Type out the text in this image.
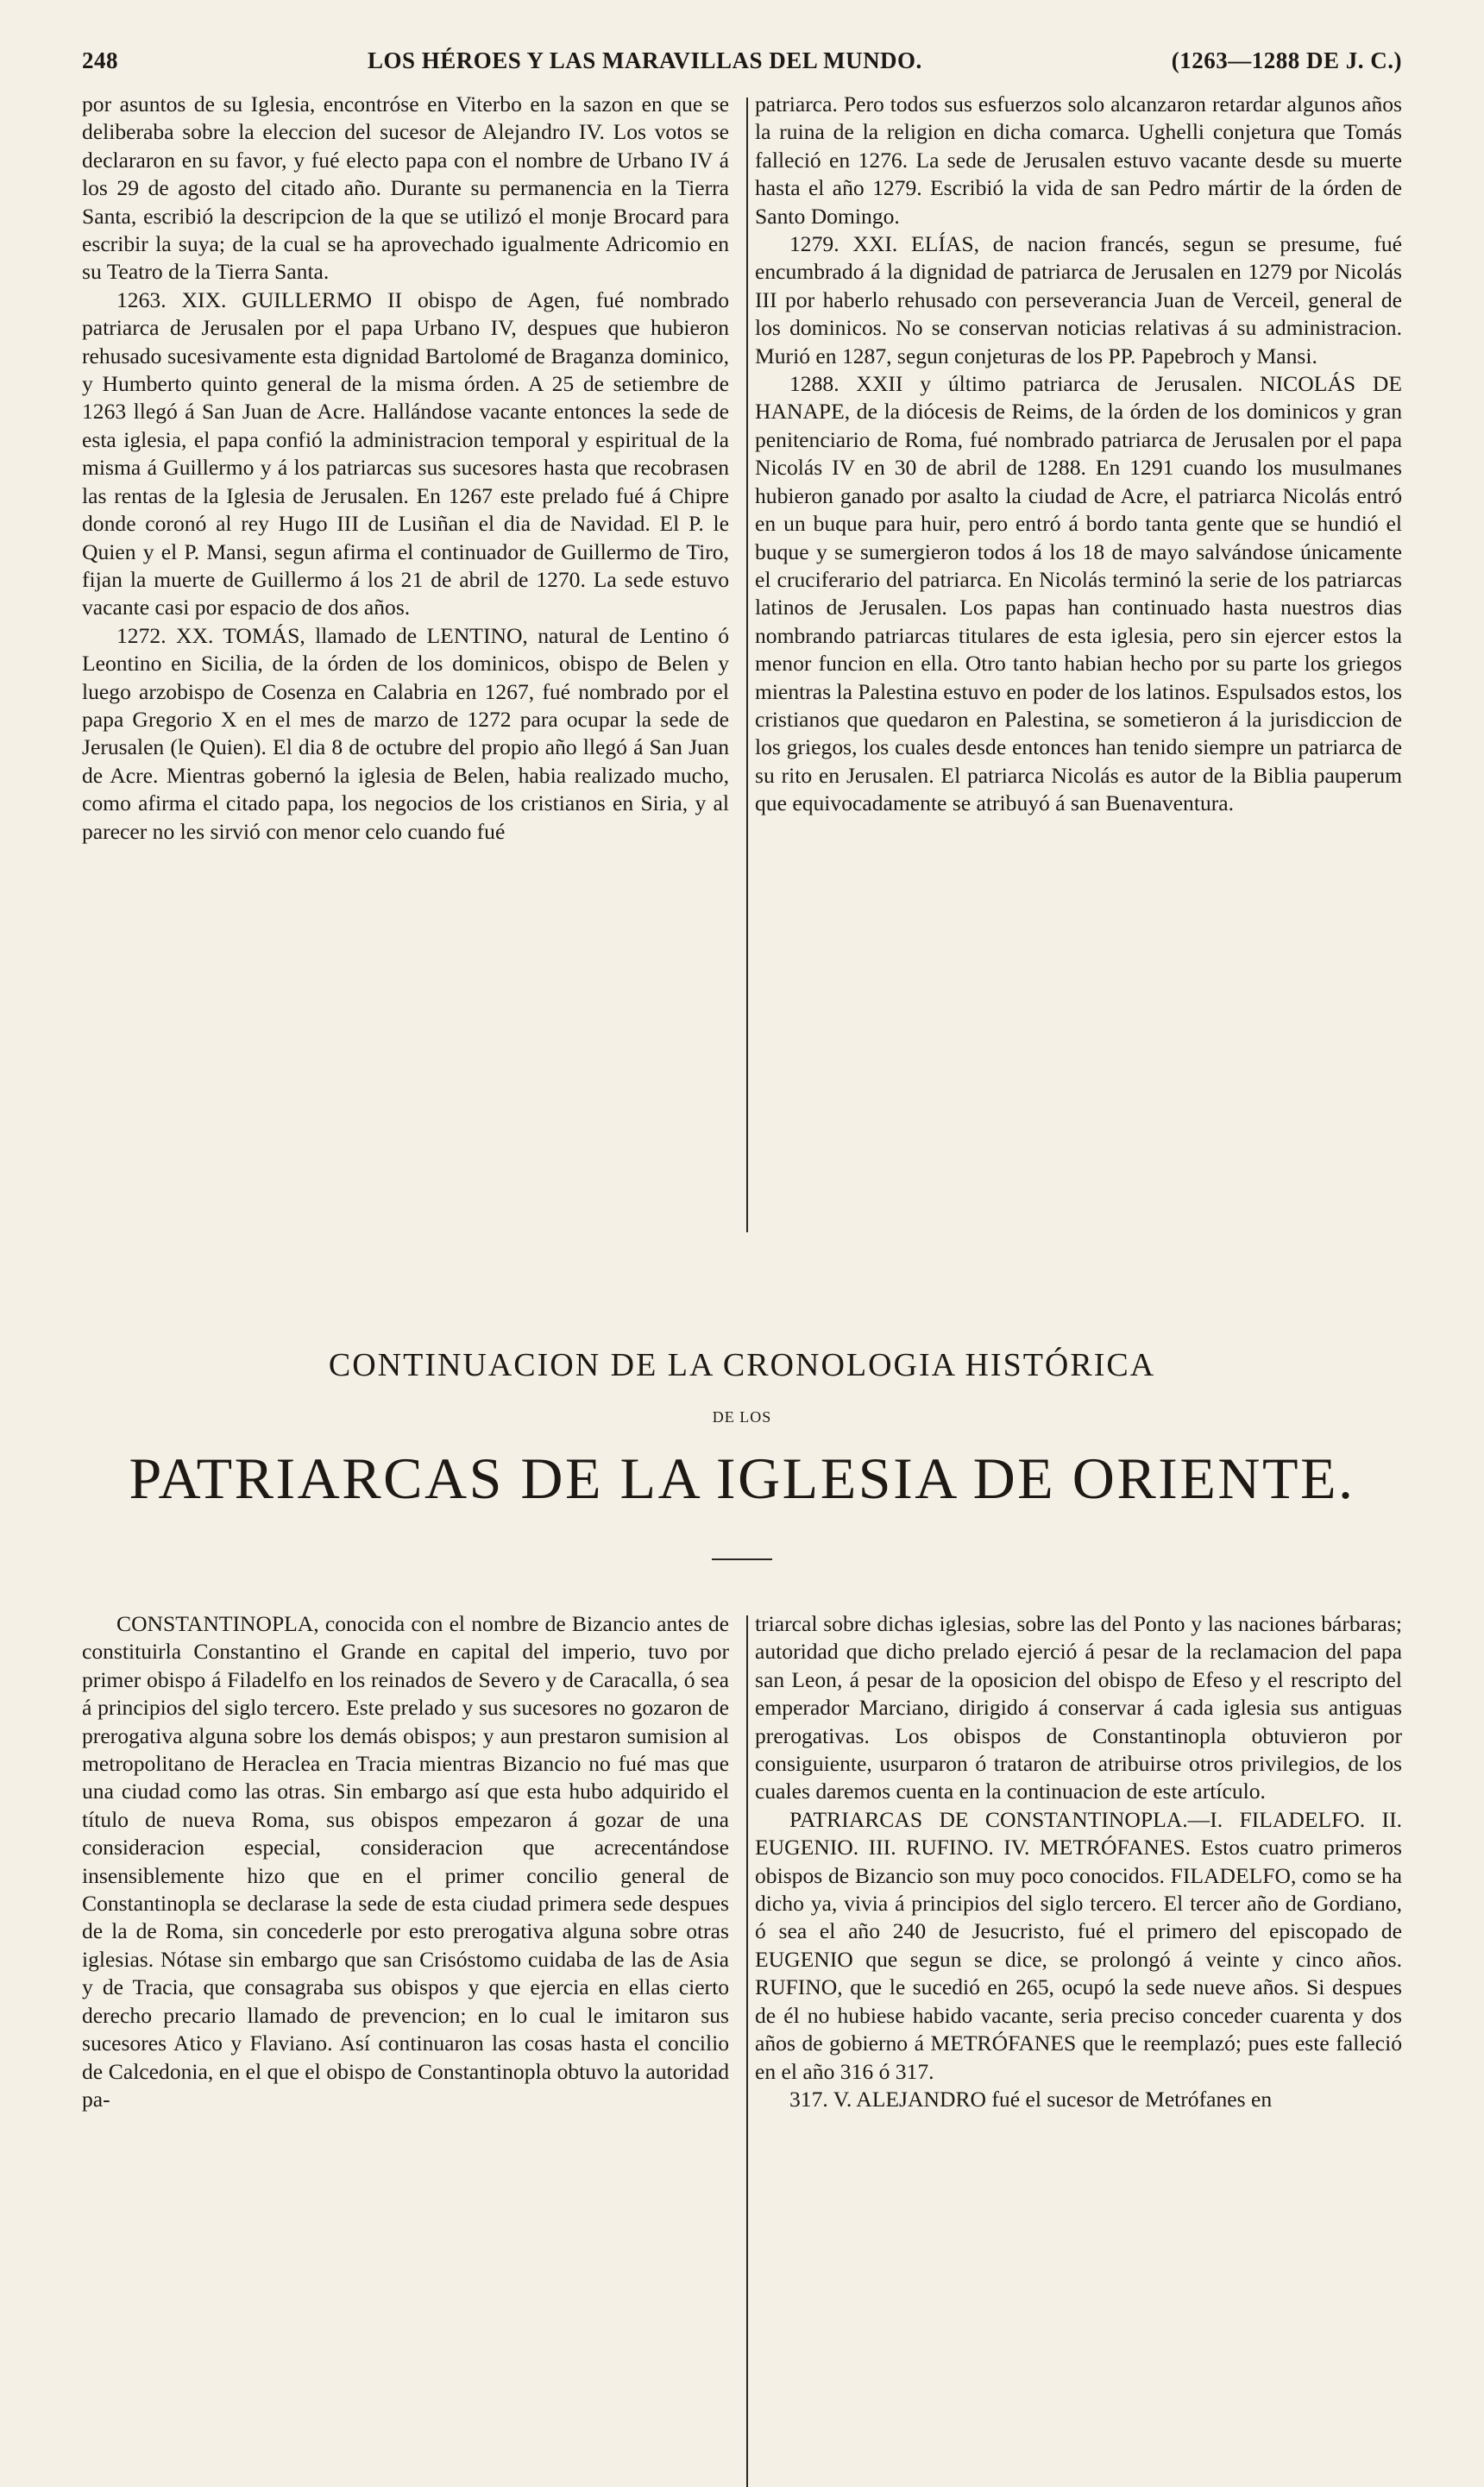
248	LOS HÉROES Y LAS MARAVILLAS DEL MUNDO.	(1263—1288 DE J. C.)

por asuntos de su Iglesia, encontróse en Viterbo en la sazon en que se deliberaba sobre la eleccion del sucesor de Alejandro IV. Los votos se declararon en su favor, y fué electo papa con el nombre de Urbano IV á los 29 de agosto del citado año. Durante su permanencia en la Tierra Santa, escribió la descripcion de la que se utilizó el monje Brocard para escribir la suya; de la cual se ha aprovechado igualmente Adricomio en su Teatro de la Tierra Santa.

1263. XIX. GUILLERMO II obispo de Agen, fué nombrado patriarca de Jerusalen por el papa Urbano IV, despues que hubieron rehusado sucesivamente esta dignidad Bartolomé de Braganza dominico, y Humberto quinto general de la misma órden. A 25 de setiembre de 1263 llegó á San Juan de Acre. Hallándose vacante entonces la sede de esta iglesia, el papa confió la administracion temporal y espiritual de la misma á Guillermo y á los patriarcas sus sucesores hasta que recobrasen las rentas de la Iglesia de Jerusalen. En 1267 este prelado fué á Chipre donde coronó al rey Hugo III de Lusiñan el dia de Navidad. El P. le Quien y el P. Mansi, segun afirma el continuador de Guillermo de Tiro, fijan la muerte de Guillermo á los 21 de abril de 1270. La sede estuvo vacante casi por espacio de dos años.

1272. XX. TOMÁS, llamado de LENTINO, natural de Lentino ó Leontino en Sicilia, de la órden de los dominicos, obispo de Belen y luego arzobispo de Cosenza en Calabria en 1267, fué nombrado por el papa Gregorio X en el mes de marzo de 1272 para ocupar la sede de Jerusalen (le Quien). El dia 8 de octubre del propio año llegó á San Juan de Acre. Mientras gobernó la iglesia de Belen, habia realizado mucho, como afirma el citado papa, los negocios de los cristianos en Siria, y al parecer no les sirvió con menor celo cuando fué

patriarca. Pero todos sus esfuerzos solo alcanzaron retardar algunos años la ruina de la religion en dicha comarca. Ughelli conjetura que Tomás falleció en 1276. La sede de Jerusalen estuvo vacante desde su muerte hasta el año 1279. Escribió la vida de san Pedro mártir de la órden de Santo Domingo.

1279. XXI. ELÍAS, de nacion francés, segun se presume, fué encumbrado á la dignidad de patriarca de Jerusalen en 1279 por Nicolás III por haberlo rehusado con perseverancia Juan de Verceil, general de los dominicos. No se conservan noticias relativas á su administracion. Murió en 1287, segun conjeturas de los PP. Papebroch y Mansi.

1288. XXII y último patriarca de Jerusalen. NICOLÁS DE HANAPE, de la diócesis de Reims, de la órden de los dominicos y gran penitenciario de Roma, fué nombrado patriarca de Jerusalen por el papa Nicolás IV en 30 de abril de 1288. En 1291 cuando los musulmanes hubieron ganado por asalto la ciudad de Acre, el patriarca Nicolás entró en un buque para huir, pero entró á bordo tanta gente que se hundió el buque y se sumergieron todos á los 18 de mayo salvándose únicamente el cruciferario del patriarca. En Nicolás terminó la serie de los patriarcas latinos de Jerusalen. Los papas han continuado hasta nuestros dias nombrando patriarcas titulares de esta iglesia, pero sin ejercer estos la menor funcion en ella. Otro tanto habian hecho por su parte los griegos mientras la Palestina estuvo en poder de los latinos. Espulsados estos, los cristianos que quedaron en Palestina, se sometieron á la jurisdiccion de los griegos, los cuales desde entonces han tenido siempre un patriarca de su rito en Jerusalen. El patriarca Nicolás es autor de la Biblia pauperum que equivocadamente se atribuyó á san Buenaventura.

CONTINUACION DE LA CRONOLOGIA HISTÓRICA
DE LOS
PATRIARCAS DE LA IGLESIA DE ORIENTE.

CONSTANTINOPLA, conocida con el nombre de Bizancio antes de constituirla Constantino el Grande en capital del imperio, tuvo por primer obispo á Filadelfo en los reinados de Severo y de Caracalla, ó sea á principios del siglo tercero. Este prelado y sus sucesores no gozaron de prerogativa alguna sobre los demás obispos; y aun prestaron sumision al metropolitano de Heraclea en Tracia mientras Bizancio no fué mas que una ciudad como las otras. Sin embargo así que esta hubo adquirido el título de nueva Roma, sus obispos empezaron á gozar de una consideracion especial, consideracion que acrecentándose insensiblemente hizo que en el primer concilio general de Constantinopla se declarase la sede de esta ciudad primera sede despues de la de Roma, sin concederle por esto prerogativa alguna sobre otras iglesias. Nótase sin embargo que san Crisóstomo cuidaba de las de Asia y de Tracia, que consagraba sus obispos y que ejercia en ellas cierto derecho precario llamado de prevencion; en lo cual le imitaron sus sucesores Atico y Flaviano. Así continuaron las cosas hasta el concilio de Calcedonia, en el que el obispo de Constantinopla obtuvo la autoridad pa-

triarcal sobre dichas iglesias, sobre las del Ponto y las naciones bárbaras; autoridad que dicho prelado ejerció á pesar de la reclamacion del papa san Leon, á pesar de la oposicion del obispo de Efeso y el rescripto del emperador Marciano, dirigido á conservar á cada iglesia sus antiguas prerogativas. Los obispos de Constantinopla obtuvieron por consiguiente, usurparon ó trataron de atribuirse otros privilegios, de los cuales daremos cuenta en la continuacion de este artículo.

PATRIARCAS DE CONSTANTINOPLA.—I. FILADELFO. II. EUGENIO. III. RUFINO. IV. METRÓFANES. Estos cuatro primeros obispos de Bizancio son muy poco conocidos. FILADELFO, como se ha dicho ya, vivia á principios del siglo tercero. El tercer año de Gordiano, ó sea el año 240 de Jesucristo, fué el primero del episcopado de EUGENIO que segun se dice, se prolongó á veinte y cinco años. RUFINO, que le sucedió en 265, ocupó la sede nueve años. Si despues de él no hubiese habido vacante, seria preciso conceder cuarenta y dos años de gobierno á METRÓFANES que le reemplazó; pues este falleció en el año 316 ó 317.

317. V. ALEJANDRO fué el sucesor de Metrófanes en
